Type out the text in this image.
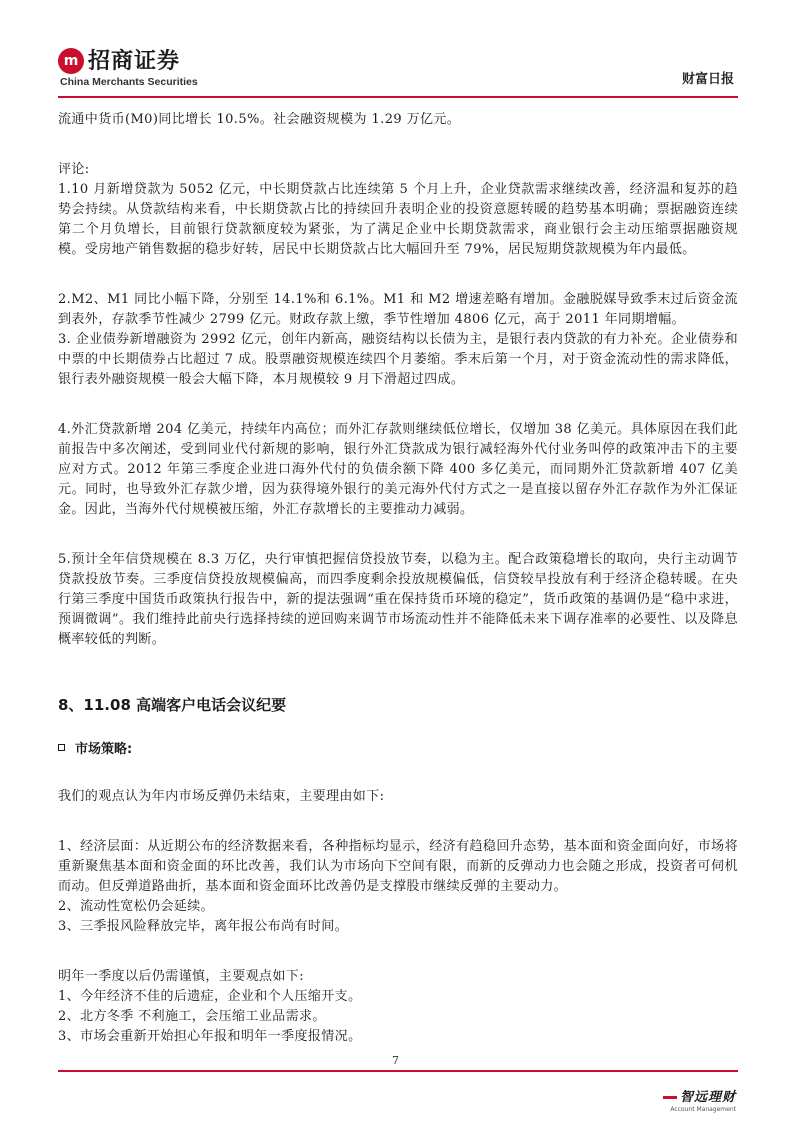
m 招商证券
China Merchants Securities	财富日报

流通中货币(M0)同比增长 10.5%。社会融资规模为 1.29 万亿元。

评论:

1.10 月新增贷款为 5052 亿元，中长期贷款占比连续第 5 个月上升，企业贷款需求继续改善，经济温和复苏的趋势会持续。从贷款结构来看，中长期贷款占比的持续回升表明企业的投资意愿转暖的趋势基本明确；票据融资连续第二个月负增长，目前银行贷款额度较为紧张，为了满足企业中长期贷款需求，商业银行会主动压缩票据融资规模。受房地产销售数据的稳步好转，居民中长期贷款占比大幅回升至 79%，居民短期贷款规模为年内最低。

2.M2、M1 同比小幅下降，分别至 14.1%和 6.1%。M1 和 M2 增速差略有增加。金融脱媒导致季末过后资金流到表外，存款季节性减少 2799 亿元。财政存款上缴，季节性增加 4806 亿元，高于 2011 年同期增幅。

3. 企业债券新增融资为 2992 亿元，创年内新高，融资结构以长债为主，是银行表内贷款的有力补充。企业债券和中票的中长期债券占比超过 7 成。股票融资规模连续四个月萎缩。季末后第一个月，对于资金流动性的需求降低，银行表外融资规模一般会大幅下降，本月规模较 9 月下滑超过四成。

4.外汇贷款新增 204 亿美元，持续年内高位；而外汇存款则继续低位增长，仅增加 38 亿美元。具体原因在我们此前报告中多次阐述，受到同业代付新规的影响，银行外汇贷款成为银行减轻海外代付业务叫停的政策冲击下的主要应对方式。2012 年第三季度企业进口海外代付的负债余额下降 400 多亿美元，而同期外汇贷款新增 407 亿美元。同时，也导致外汇存款少增，因为获得境外银行的美元海外代付方式之一是直接以留存外汇存款作为外汇保证金。因此，当海外代付规模被压缩，外汇存款增长的主要推动力减弱。

5.预计全年信贷规模在 8.3 万亿，央行审慎把握信贷投放节奏，以稳为主。配合政策稳增长的取向，央行主动调节贷款投放节奏。三季度信贷投放规模偏高，而四季度剩余投放规模偏低，信贷较早投放有利于经济企稳转暖。在央行第三季度中国货币政策执行报告中，新的提法强调“重在保持货币环境的稳定”，货币政策的基调仍是“稳中求进，预调微调”。我们维持此前央行选择持续的逆回购来调节市场流动性并不能降低未来下调存准率的必要性、以及降息概率较低的判断。

8、11.08 高端客户电话会议纪要
市场策略:

我们的观点认为年内市场反弹仍未结束，主要理由如下:

1、经济层面：从近期公布的经济数据来看，各种指标均显示，经济有趋稳回升态势，基本面和资金面向好，市场将重新聚焦基本面和资金面的环比改善，我们认为市场向下空间有限，而新的反弹动力也会随之形成，投资者可伺机而动。但反弹道路曲折，基本面和资金面环比改善仍是支撑股市继续反弹的主要动力。

2、流动性宽松仍会延续。

3、三季报风险释放完毕，离年报公布尚有时间。

明年一季度以后仍需谨慎，主要观点如下:

1、今年经济不佳的后遗症，企业和个人压缩开支。

2、北方冬季 不利施工，会压缩工业品需求。

3、市场会重新开始担心年报和明年一季度报情况。

7
智远理财
Account Management
